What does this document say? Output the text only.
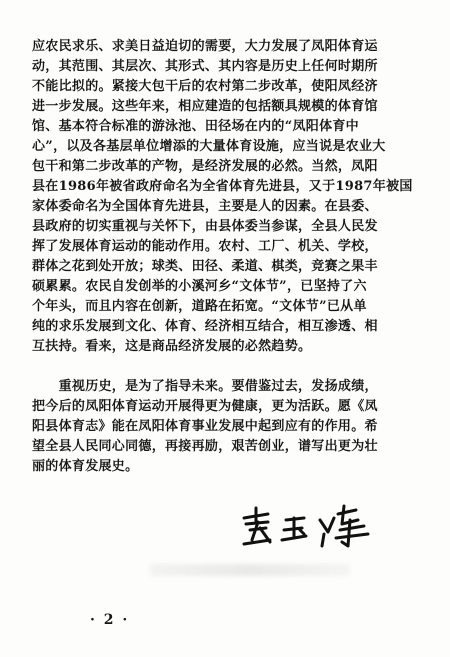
应农民求乐、求美日益迫切的需要，大力发展了凤阳体育运
动，其范围、其层次、其形式、其内容是历史上任何时期所
不能比拟的。紧接大包干后的农村第二步改革，使阳凤经济
进一步发展。这些年来，相应建造的包括额具规模的体育馆
馆、基本符合标准的游泳池、田径场在内的“凤阳体育中
心”，以及各基层单位增添的大量体育设施，应当说是农业大
包干和第二步改革的产物，是经济发展的必然。当然，凤阳
县在1986年被省政府命名为全省体育先进县，又于1987年被国
家体委命名为全国体育先进县，主要是人的因素。在县委、
县政府的切实重视与关怀下，由县体委当参谋，全县人民发
挥了发展体育运动的能动作用。农村、工厂、机关、学校，
群体之花到处开放；球类、田径、柔道、棋类，竞赛之果丰
硕累累。农民自发创举的小溪河乡“文体节”，已坚持了六
个年头，而且内容在创新，道路在拓宽。“文体节”已从单
纯的求乐发展到文化、体育、经济相互结合，相互渗透、相
互扶持。看来，这是商品经济发展的必然趋势。
　　重视历史，是为了指导未来。要借鉴过去，发扬成绩，
把今后的凤阳体育运动开展得更为健康，更为活跃。愿《凤
阳县体育志》能在凤阳体育事业发展中起到应有的作用。希
望全县人民同心同德，再接再励，艰苦创业，谱写出更为壮
丽的体育发展史。
· 2 ·
